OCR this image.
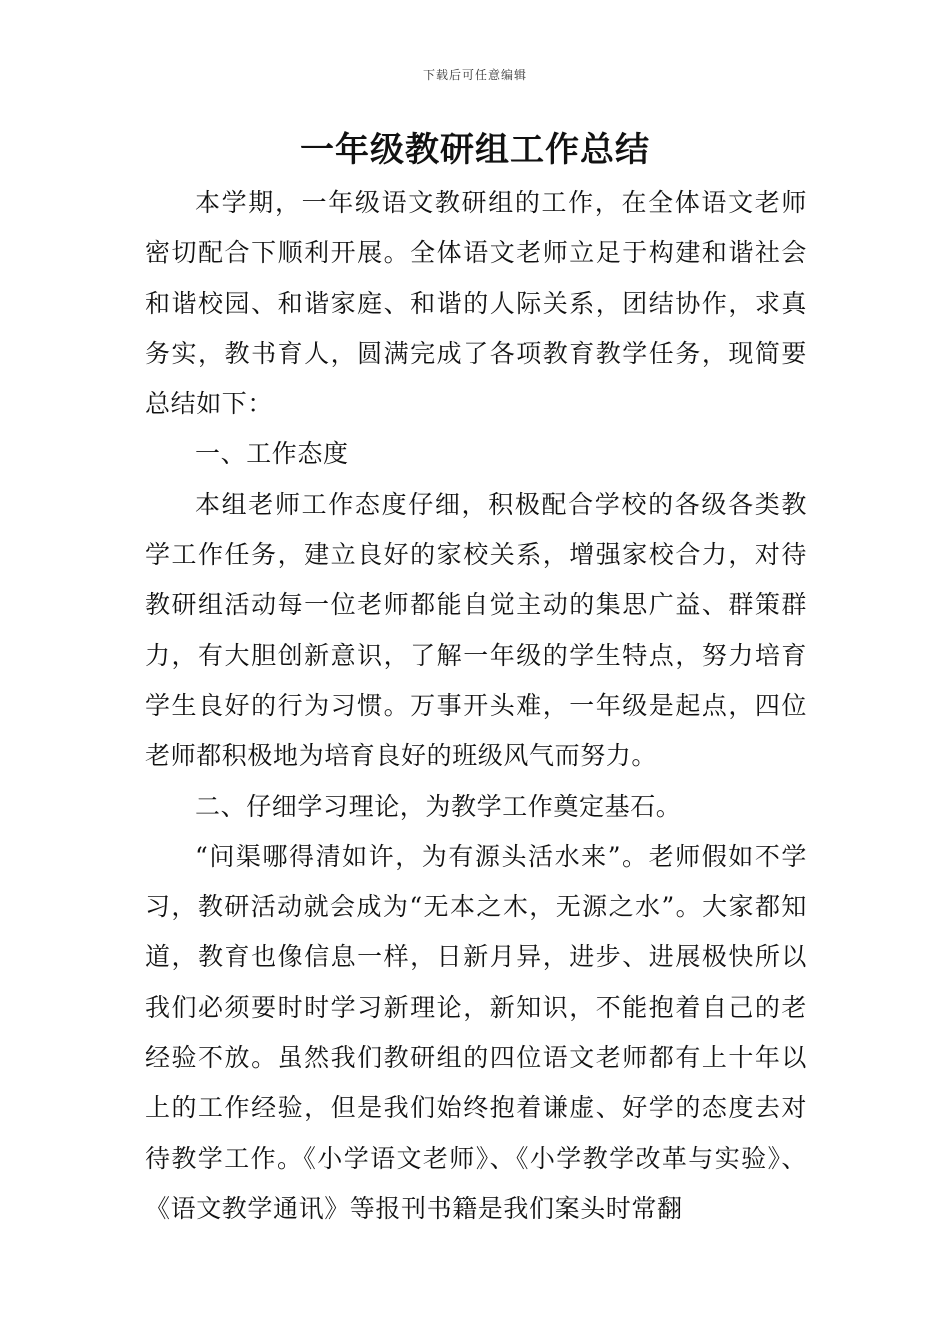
下载后可任意编辑
一年级教研组工作总结

本学期，一年级语文教研组的工作，在全体语文老师密切配合下顺利开展。全体语文老师立足于构建和谐社会和谐校园、和谐家庭、和谐的人际关系，团结协作，求真务实，教书育人，圆满完成了各项教育教学任务，现简要总结如下：

一、工作态度

本组老师工作态度仔细，积极配合学校的各级各类教学工作任务，建立良好的家校关系，增强家校合力，对待教研组活动每一位老师都能自觉主动的集思广益、群策群力，有大胆创新意识，了解一年级的学生特点，努力培育学生良好的行为习惯。万事开头难，一年级是起点，四位老师都积极地为培育良好的班级风气而努力。

二、仔细学习理论，为教学工作奠定基石。

“问渠哪得清如许，为有源头活水来”。老师假如不学习，教研活动就会成为“无本之木，无源之水”。大家都知道，教育也像信息一样，日新月异，进步、进展极快所以我们必须要时时学习新理论，新知识，不能抱着自己的老经验不放。虽然我们教研组的四位语文老师都有上十年以上的工作经验，但是我们始终抱着谦虚、好学的态度去对待教学工作。《小学语文老师》、《小学教学改革与实验》、《语文教学通讯》等报刊书籍是我们案头时常翻
